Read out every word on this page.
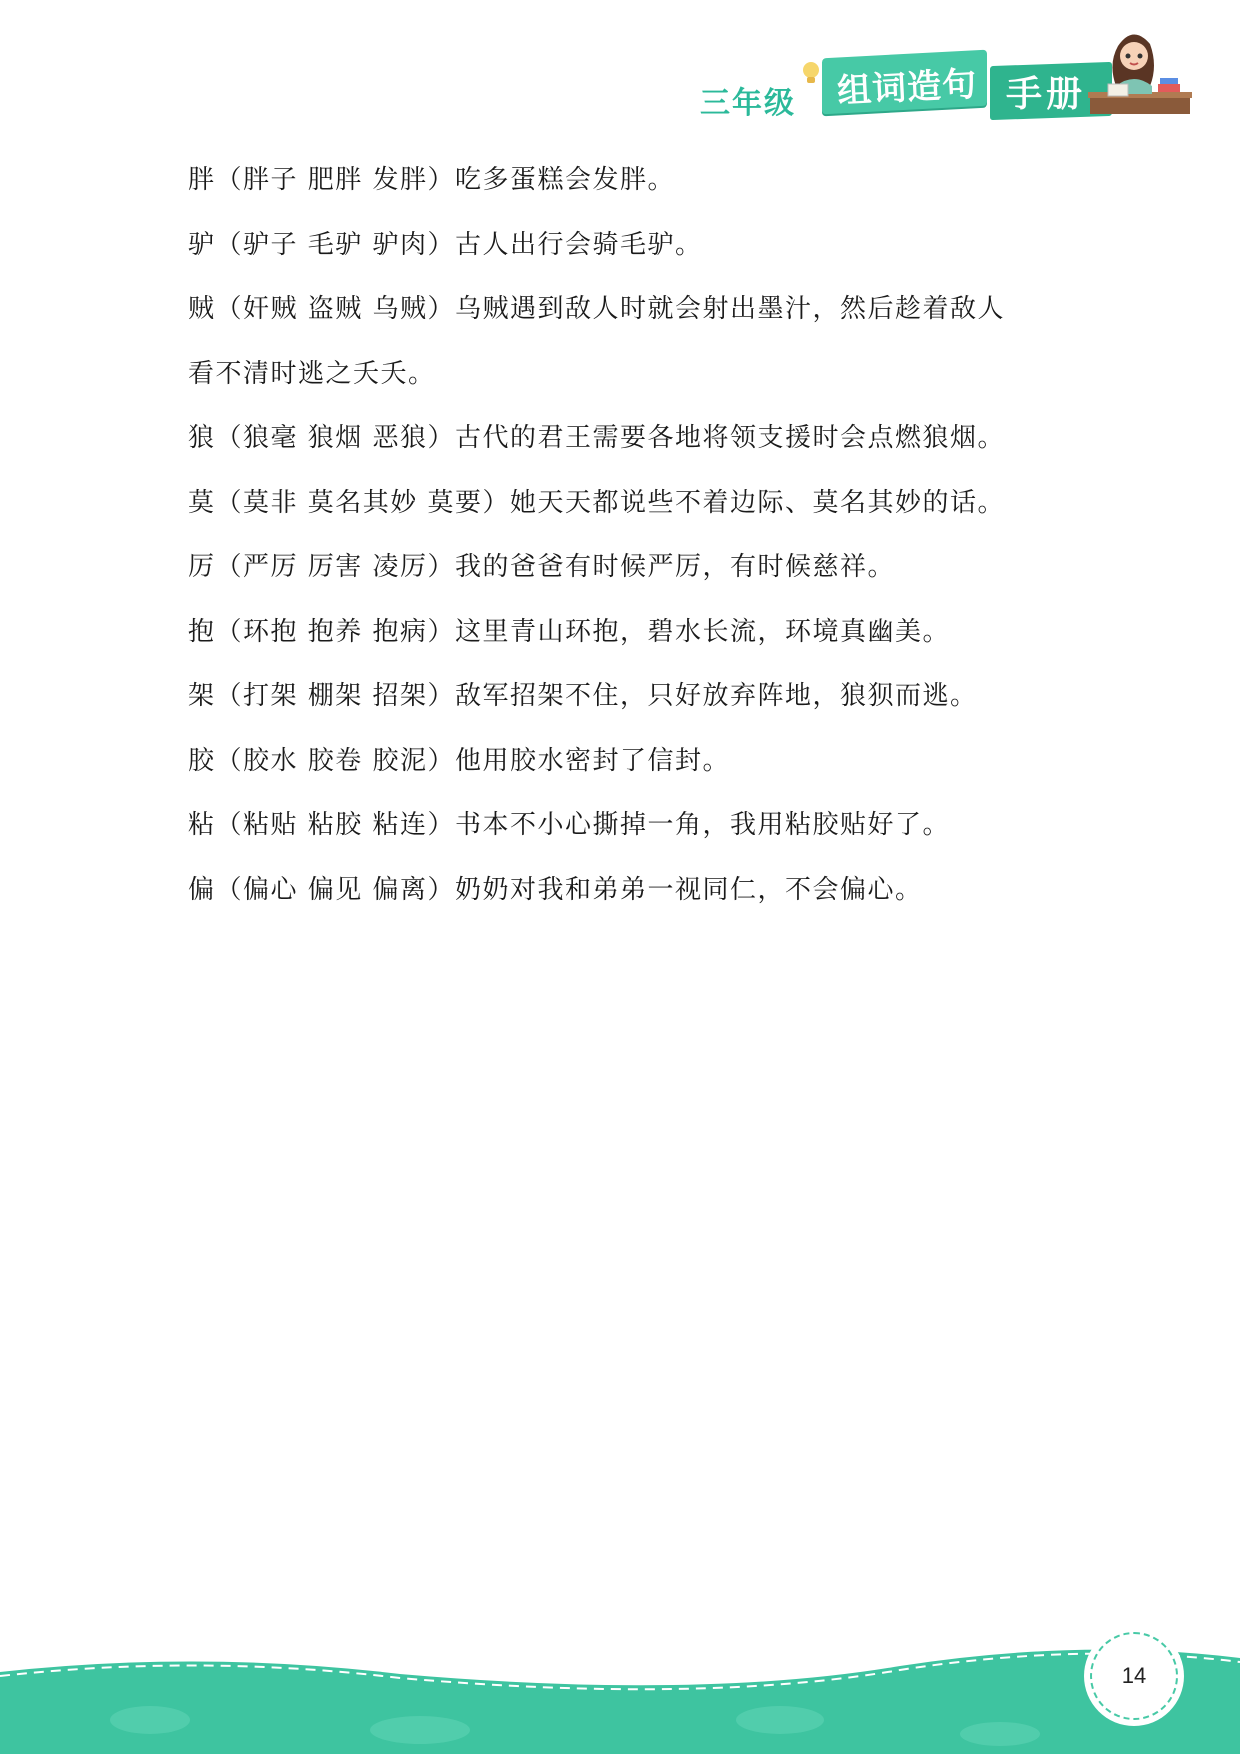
三年级 组词造句 手册
胖（胖子 肥胖 发胖）吃多蛋糕会发胖。
驴（驴子 毛驴 驴肉）古人出行会骑毛驴。
贼（奸贼 盗贼 乌贼）乌贼遇到敌人时就会射出墨汁，然后趁着敌人
看不清时逃之夭夭。
狼（狼毫 狼烟 恶狼）古代的君王需要各地将领支援时会点燃狼烟。
莫（莫非 莫名其妙 莫要）她天天都说些不着边际、莫名其妙的话。
厉（严厉 厉害 凌厉）我的爸爸有时候严厉，有时候慈祥。
抱（环抱 抱养 抱病）这里青山环抱，碧水长流，环境真幽美。
架（打架 棚架 招架）敌军招架不住，只好放弃阵地，狼狈而逃。
胶（胶水 胶卷 胶泥）他用胶水密封了信封。
粘（粘贴 粘胶 粘连）书本不小心撕掉一角，我用粘胶贴好了。
偏（偏心 偏见 偏离）奶奶对我和弟弟一视同仁，不会偏心。
14
